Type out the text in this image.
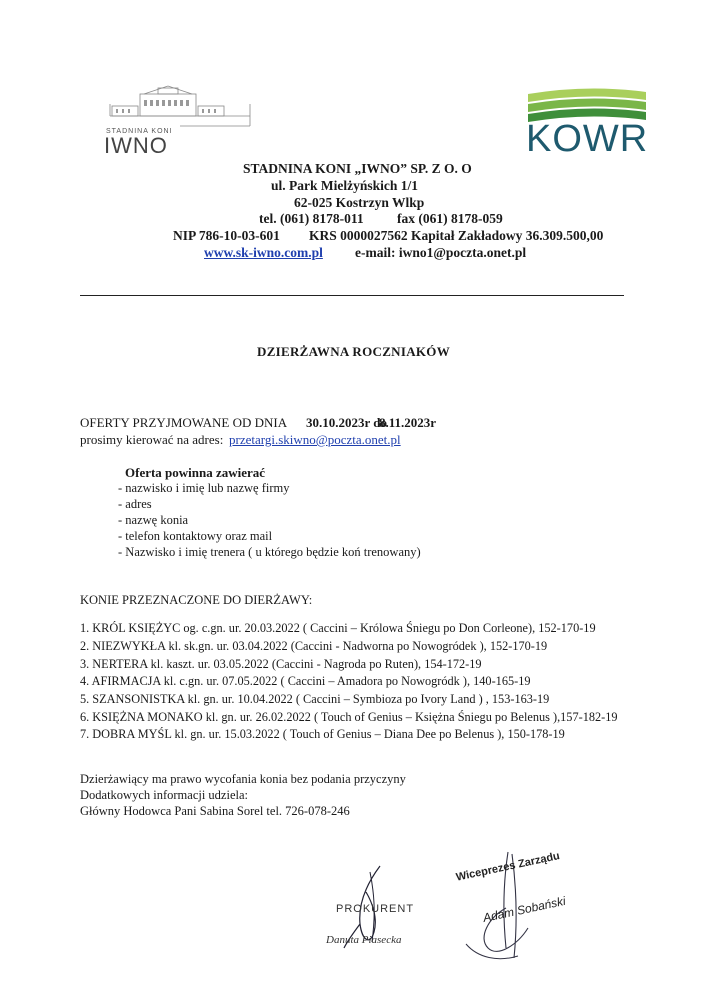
STADNINA KONI
IWNO	KOWR
STADNINA KONI „IWNO” SP. Z O. O
ul. Park Mielżyńskich 1/1
62-025 Kostrzyn Wlkp
tel. (061) 8178-011 fax (061) 8178-059
NIP 786-10-03-601 KRS 0000027562 Kapitał Zakładowy 36.309.500,00
www.sk-iwno.com.pl e-mail: iwno1@poczta.onet.pl
DZIERŻAWNA ROCZNIAKÓW
OFERTY PRZYJMOWANE OD DNIA 30.10.2023r do
8.11.2023r
prosimy kierować na adres: przetargi.skiwno@poczta.onet.pl
Oferta powinna zawierać
- nazwisko i imię lub nazwę firmy
- adres
- nazwę konia
- telefon kontaktowy oraz mail
- Nazwisko i imię trenera ( u którego będzie koń trenowany)
KONIE PRZEZNACZONE DO DIERŻAWY:
1. KRÓL KSIĘŻYC og. c.gn. ur. 20.03.2022 ( Caccini – Królowa Śniegu po Don Corleone), 152-170-19
2. NIEZWYKŁA kl. sk.gn. ur. 03.04.2022 (Caccini - Nadworna po Nowogródek ), 152-170-19
3. NERTERA kl. kaszt. ur. 03.05.2022 (Caccini - Nagroda po Ruten), 154-172-19
4. AFIRMACJA kl. c.gn. ur. 07.05.2022 ( Caccini – Amadora po Nowogródk ), 140-165-19
5. SZANSONISTKA kl. gn. ur. 10.04.2022 ( Caccini – Symbioza po Ivory Land ) , 153-163-19
6. KSIĘŻNA MONAKO kl. gn. ur. 26.02.2022 ( Touch of Genius – Księżna Śniegu po Belenus ),157-182-19
7. DOBRA MYŚL kl. gn. ur. 15.03.2022 ( Touch of Genius – Diana Dee po Belenus ), 150-178-19
Dzierżawiący ma prawo wycofania konia bez podania przyczyny
Dodatkowych informacji udziela:
Główny Hodowca Pani Sabina Sorel tel. 726-078-246
PROKURENT
Danuta Piasecka
Wiceprezes Zarządu
Adam Sobański
